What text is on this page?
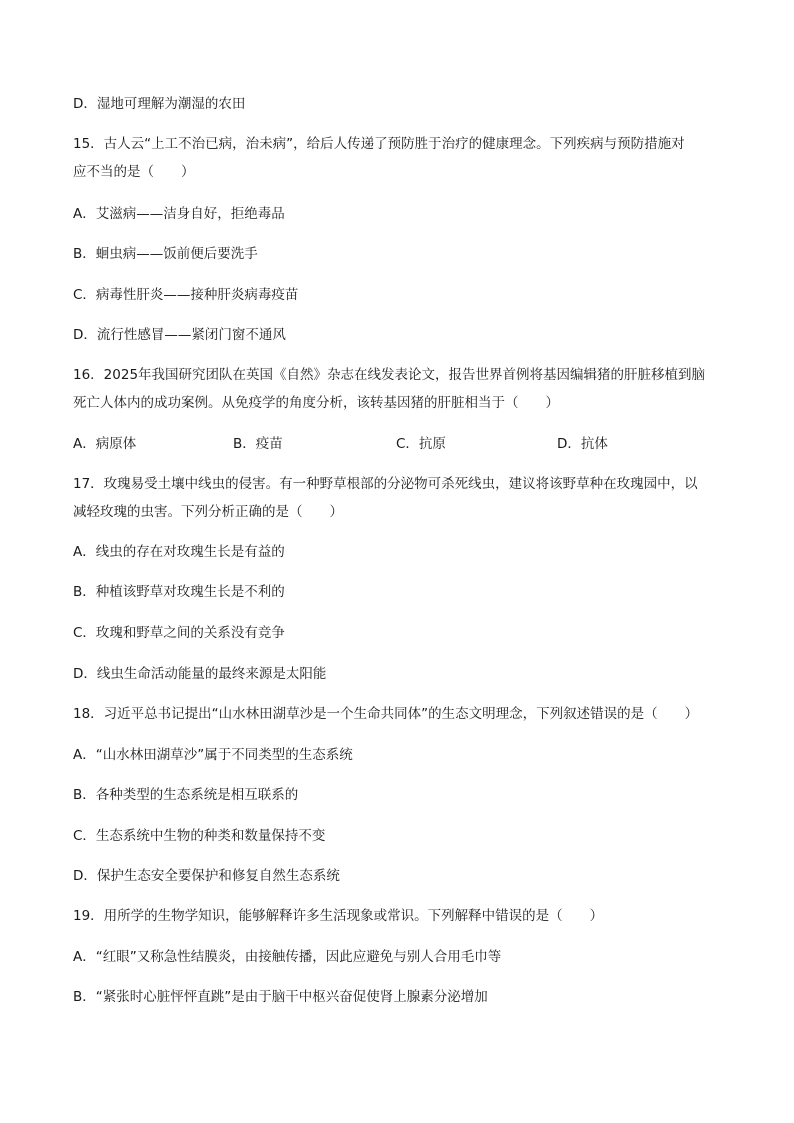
D．湿地可理解为潮湿的农田
15．古人云“上工不治已病，治未病”，给后人传递了预防胜于治疗的健康理念。下列疾病与预防措施对
应不当的是（　　）
A．艾滋病——洁身自好，拒绝毒品
B．蛔虫病——饭前便后要洗手
C．病毒性肝炎——接种肝炎病毒疫苗
D．流行性感冒——紧闭门窗不通风
16．2025年我国研究团队在英国《自然》杂志在线发表论文，报告世界首例将基因编辑猪的肝脏移植到脑
死亡人体内的成功案例。从免疫学的角度分析，该转基因猪的肝脏相当于（　　）
A．病原体	B．疫苗	C．抗原	D．抗体
17．玫瑰易受土壤中线虫的侵害。有一种野草根部的分泌物可杀死线虫，建议将该野草种在玫瑰园中，以
减轻玫瑰的虫害。下列分析正确的是（　　）
A．线虫的存在对玫瑰生长是有益的
B．种植该野草对玫瑰生长是不利的
C．玫瑰和野草之间的关系没有竞争
D．线虫生命活动能量的最终来源是太阳能
18．习近平总书记提出“山水林田湖草沙是一个生命共同体”的生态文明理念，下列叙述错误的是（　　）
A．“山水林田湖草沙”属于不同类型的生态系统
B．各种类型的生态系统是相互联系的
C．生态系统中生物的种类和数量保持不变
D．保护生态安全要保护和修复自然生态系统
19．用所学的生物学知识，能够解释许多生活现象或常识。下列解释中错误的是（　　）
A．“红眼”又称急性结膜炎，由接触传播，因此应避免与别人合用毛巾等
B．“紧张时心脏怦怦直跳”是由于脑干中枢兴奋促使肾上腺素分泌增加
